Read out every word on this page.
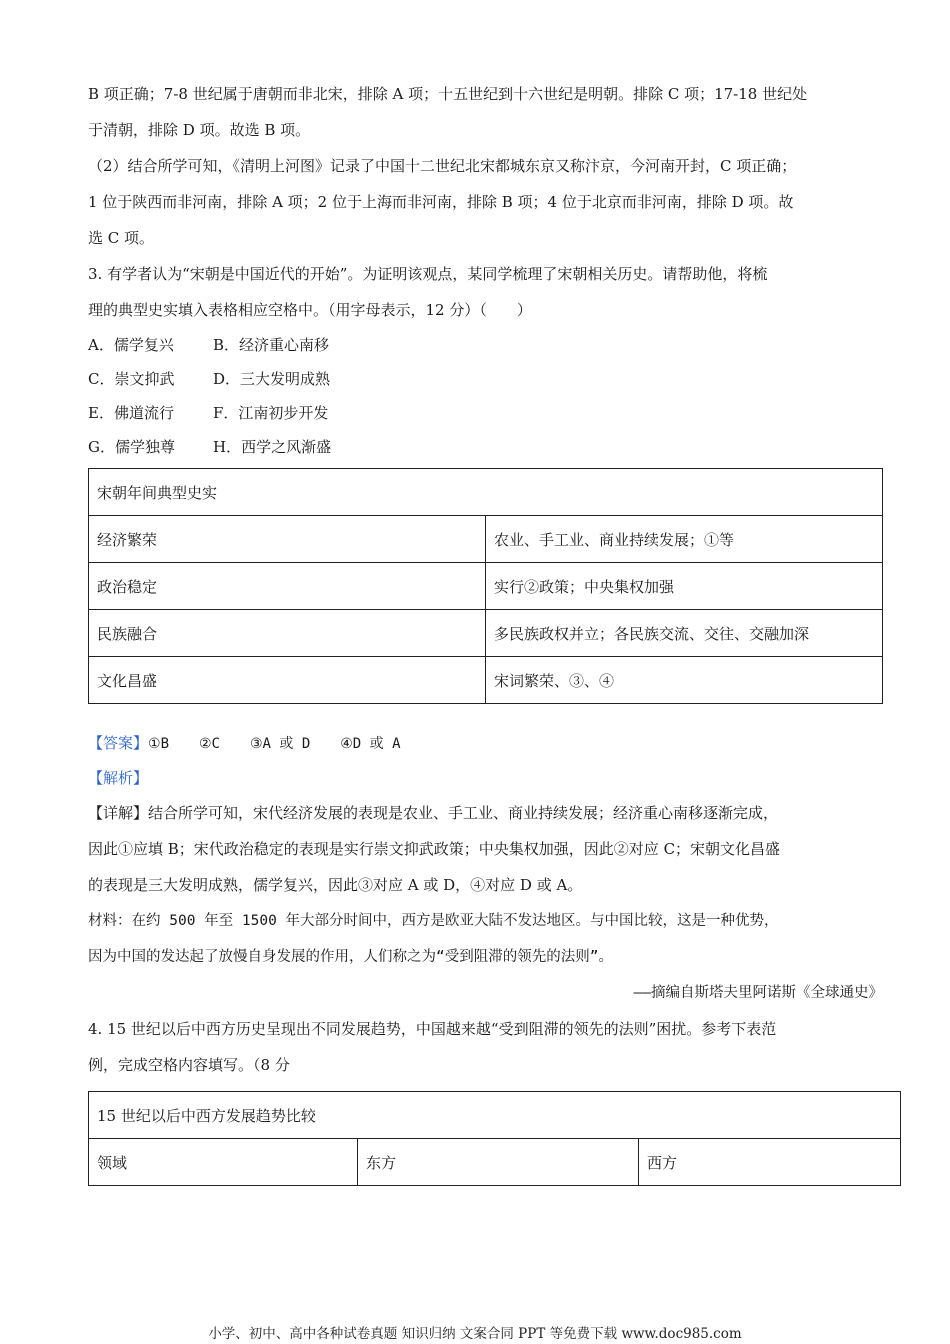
B 项正确；7-8 世纪属于唐朝而非北宋，排除 A 项；十五世纪到十六世纪是明朝。排除 C 项；17-18 世纪处
于清朝，排除 D 项。故选 B 项。
（2）结合所学可知，《清明上河图》记录了中国十二世纪北宋都城东京又称汴京，今河南开封，C 项正确；
1 位于陕西而非河南，排除 A 项；2 位于上海而非河南，排除 B 项；4 位于北京而非河南，排除 D 项。故
选 C 项。
3. 有学者认为“宋朝是中国近代的开始”。为证明该观点，某同学梳理了宋朝相关历史。请帮助他，将梳
理的典型史实填入表格相应空格中。（用字母表示，12 分）（　　）
A．儒学复兴	B．经济重心南移
C．崇文抑武	D．三大发明成熟
E．佛道流行	F．江南初步开发
G．儒学独尊	H．西学之风渐盛
宋朝年间典型史实	
经济繁荣	农业、手工业、商业持续发展；①等
政治稳定	实行②政策；中央集权加强
民族融合	多民族政权并立；各民族交流、交往、交融加深
文化昌盛	宋词繁荣、③、④
【答案】①B ②C ③A 或 D ④D 或 A
【解析】
【详解】结合所学可知，宋代经济发展的表现是农业、手工业、商业持续发展；经济重心南移逐渐完成，
因此①应填 B；宋代政治稳定的表现是实行崇文抑武政策；中央集权加强，因此②对应 C；宋朝文化昌盛
的表现是三大发明成熟，儒学复兴，因此③对应 A 或 D，④对应 D 或 A。
材料：在约 500 年至 1500 年大部分时间中，西方是欧亚大陆不发达地区。与中国比较，这是一种优势，
因为中国的发达起了放慢自身发展的作用，人们称之为“受到阻滞的领先的法则”。
——摘编自斯塔夫里阿诺斯《全球通史》
4. 15 世纪以后中西方历史呈现出不同发展趋势，中国越来越“受到阻滞的领先的法则”困扰。参考下表范
例，完成空格内容填写。（8 分
15 世纪以后中西方发展趋势比较
领域	东方	西方
小学、初中、高中各种试卷真题 知识归纳 文案合同 PPT 等免费下载 www.doc985.com
